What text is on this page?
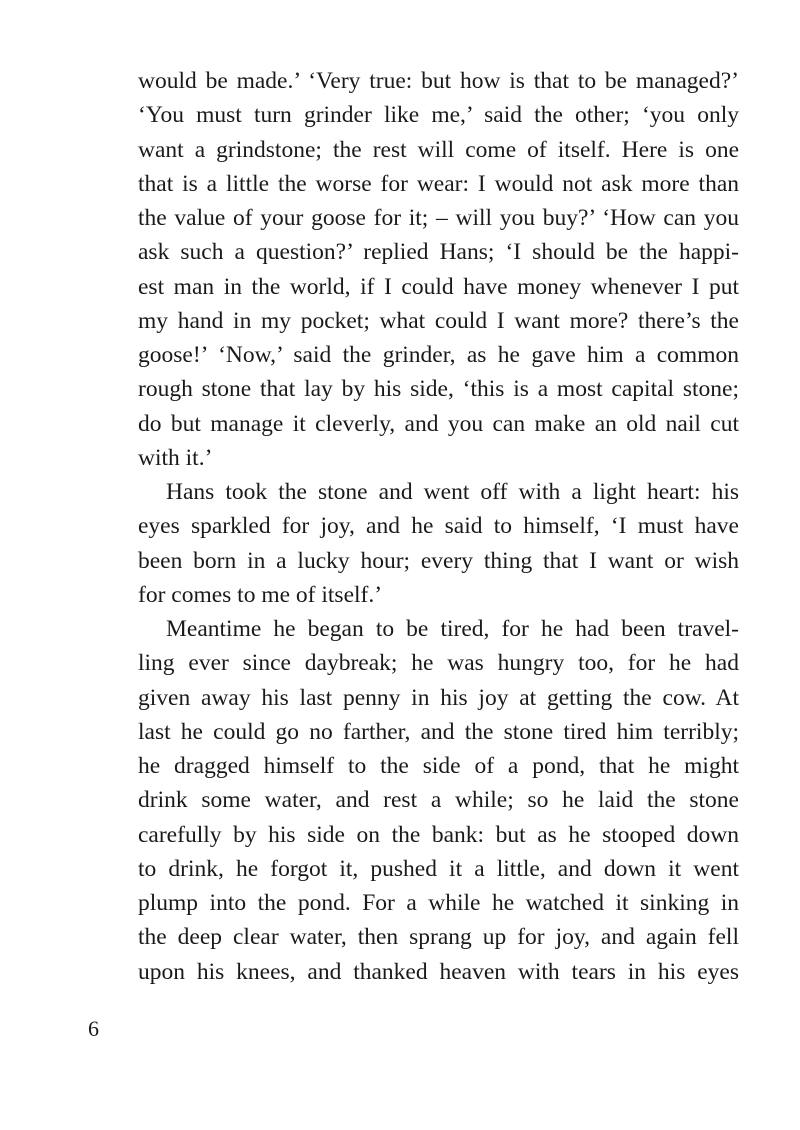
would be made.’ ‘Very true: but how is that to be managed?’
‘You must turn grinder like me,’ said the other; ‘you only
want a grindstone; the rest will come of itself. Here is one
that is a little the worse for wear: I would not ask more than
the value of your goose for it; – will you buy?’ ‘How can you
ask such a question?’ replied Hans; ‘I should be the happi-
est man in the world, if I could have money whenever I put
my hand in my pocket; what could I want more? there’s the
goose!’ ‘Now,’ said the grinder, as he gave him a common
rough stone that lay by his side, ‘this is a most capital stone;
do but manage it cleverly, and you can make an old nail cut
with it.’
Hans took the stone and went off with a light heart: his
eyes sparkled for joy, and he said to himself, ‘I must have
been born in a lucky hour; every thing that I want or wish
for comes to me of itself.’
Meantime he began to be tired, for he had been travel-
ling ever since daybreak; he was hungry too, for he had
given away his last penny in his joy at getting the cow. At
last he could go no farther, and the stone tired him terribly;
he dragged himself to the side of a pond, that he might
drink some water, and rest a while; so he laid the stone
carefully by his side on the bank: but as he stooped down
to drink, he forgot it, pushed it a little, and down it went
plump into the pond. For a while he watched it sinking in
the deep clear water, then sprang up for joy, and again fell
upon his knees, and thanked heaven with tears in his eyes
6
